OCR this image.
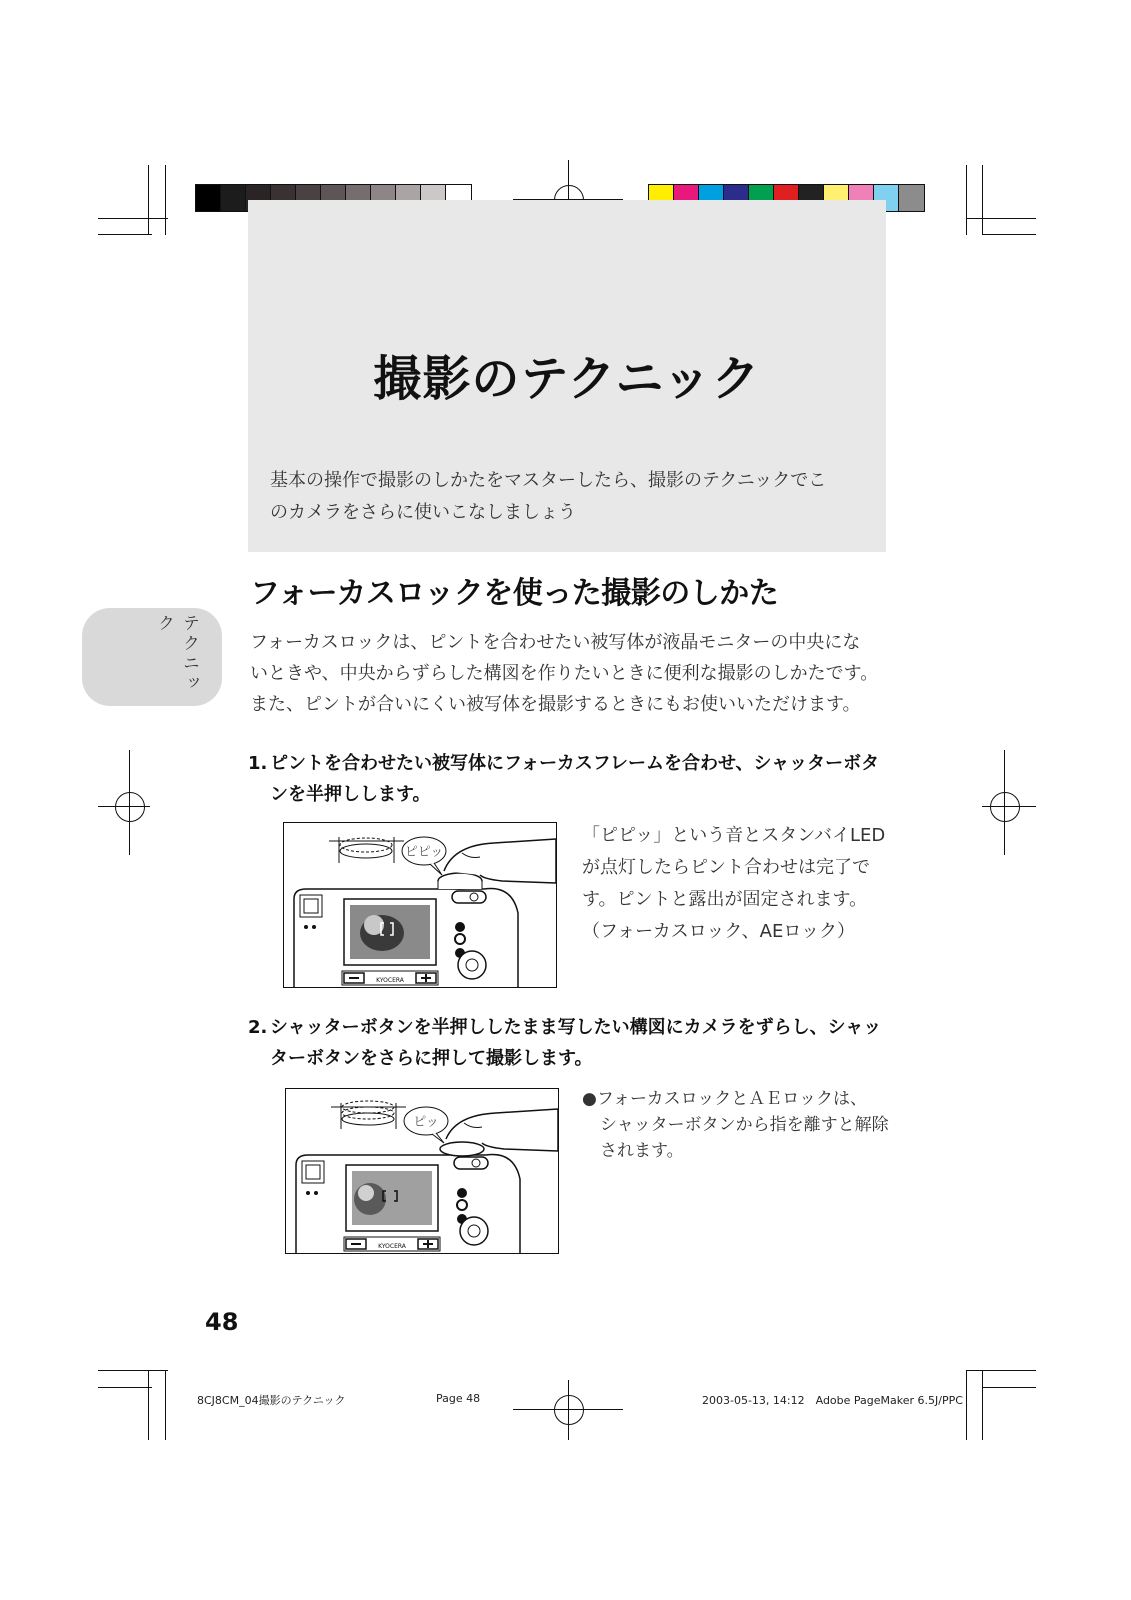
撮影のテクニック
基本の操作で撮影のしかたをマスターしたら、撮影のテクニックでこ
のカメラをさらに使いこなしましょう
テクニック
フォーカスロックを使った撮影のしかた
フォーカスロックは、ピントを合わせたい被写体が液晶モニターの中央にな
いときや、中央からずらした構図を作りたいときに便利な撮影のしかたです。
また、ピントが合いにくい被写体を撮影するときにもお使いいただけます。
1. ピントを合わせたい被写体にフォーカスフレームを合わせ、シャッターボタ
ンを半押しします。
KYOCERA
ピピッ
「ピピッ」という音とスタンバイLED
が点灯したらピント合わせは完了で
す。ピントと露出が固定されます。
（フォーカスロック、AEロック）
2. シャッターボタンを半押ししたまま写したい構図にカメラをずらし、シャッ
ターボタンをさらに押して撮影します。
KYOCERA
ピッ
●フォーカスロックとＡＥロックは、
シャッターボタンから指を離すと解除
されます。
48
8CJ8CM_04撮影のテクニック	Page 48	2003-05-13, 14:12　Adobe PageMaker 6.5J/PPC
